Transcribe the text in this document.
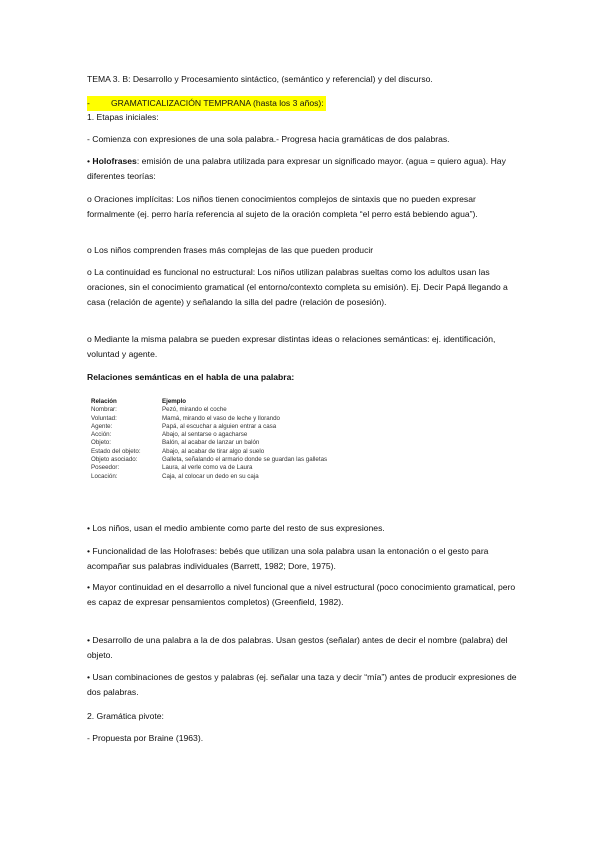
TEMA 3. B: Desarrollo y Procesamiento sintáctico, (semántico y referencial) y del discurso.

- GRAMATICALIZACIÓN TEMPRANA (hasta los 3 años):

1. Etapas iniciales:

- Comienza con expresiones de una sola palabra.- Progresa hacia gramáticas de dos palabras.

• Holofrases: emisión de una palabra utilizada para expresar un significado mayor. (agua = quiero agua). Hay diferentes teorías:

o Oraciones implícitas: Los niños tienen conocimientos complejos de sintaxis que no pueden expresar formalmente (ej. perro haría referencia al sujeto de la oración completa “el perro está bebiendo agua”).

o Los niños comprenden frases más complejas de las que pueden producir

o La continuidad es funcional no estructural: Los niños utilizan palabras sueltas como los adultos usan las oraciones, sin el conocimiento gramatical (el entorno/contexto completa su emisión). Ej. Decir Papá llegando a casa (relación de agente) y señalando la silla del padre (relación de posesión).

o Mediante la misma palabra se pueden expresar distintas ideas o relaciones semánticas: ej. identificación, voluntad y agente.

Relaciones semánticas en el habla de una palabra:

Relación	Ejemplo
Nombrar:	Pezó, mirando el coche
Voluntad:	Mamá, mirando el vaso de leche y llorando
Agente:	Papá, al escuchar a alguien entrar a casa
Acción:	Abajo, al sentarse o agacharse
Objeto:	Balón, al acabar de lanzar un balón
Estado del objeto:	Abajo, al acabar de tirar algo al suelo
Objeto asociado:	Galleta, señalando el armario donde se guardan las galletas
Poseedor:	Laura, al verle como va de Laura
Locación:	Caja, al colocar un dedo en su caja

• Los niños, usan el medio ambiente como parte del resto de sus expresiones.

• Funcionalidad de las Holofrases: bebés que utilizan una sola palabra usan la entonación o el gesto para acompañar sus palabras individuales (Barrett, 1982; Dore, 1975).

• Mayor continuidad en el desarrollo a nivel funcional que a nivel estructural (poco conocimiento gramatical, pero es capaz de expresar pensamientos completos) (Greenfield, 1982).

• Desarrollo de una palabra a la de dos palabras. Usan gestos (señalar) antes de decir el nombre (palabra) del objeto.

• Usan combinaciones de gestos y palabras (ej. señalar una taza y decir “mía”) antes de producir expresiones de dos palabras.

2. Gramática pivote:

- Propuesta por Braine (1963).
